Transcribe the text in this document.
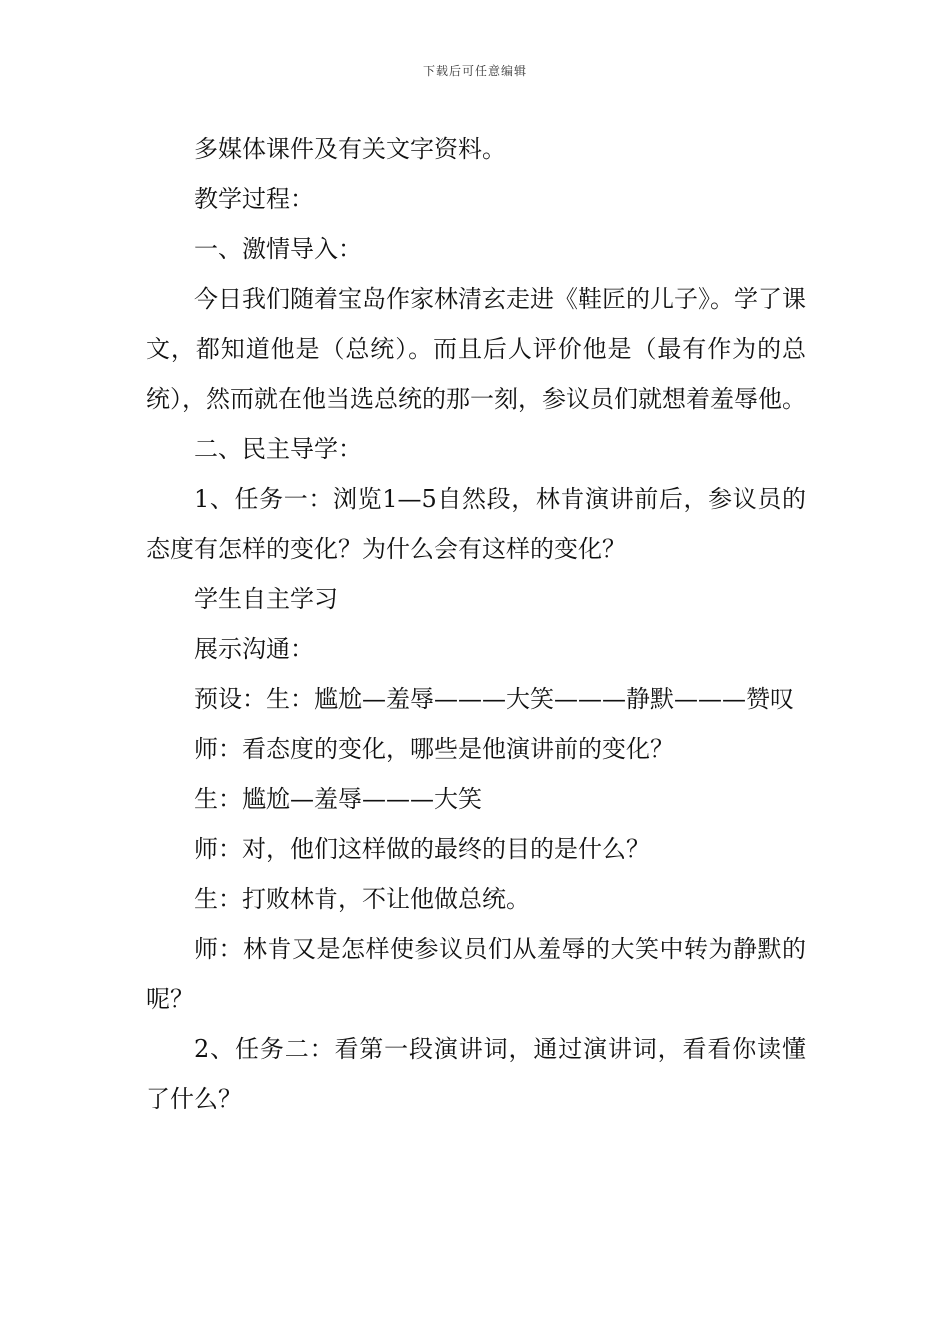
下载后可任意编辑

多媒体课件及有关文字资料。

教学过程：

一、激情导入：

今日我们随着宝岛作家林清玄走进《鞋匠的儿子》。学了课文，都知道他是（总统）。而且后人评价他是（最有作为的总统），然而就在他当选总统的那一刻，参议员们就想着羞辱他。

二、民主导学：

1、任务一：浏览1—5自然段，林肯演讲前后，参议员的态度有怎样的变化？为什么会有这样的变化？

学生自主学习

展示沟通：

预设：生：尴尬—羞辱———大笑———静默———赞叹

师：看态度的变化，哪些是他演讲前的变化？

生：尴尬—羞辱———大笑

师：对，他们这样做的最终的目的是什么？

生：打败林肯，不让他做总统。

师：林肯又是怎样使参议员们从羞辱的大笑中转为静默的呢？

2、任务二：看第一段演讲词，通过演讲词，看看你读懂了什么？
